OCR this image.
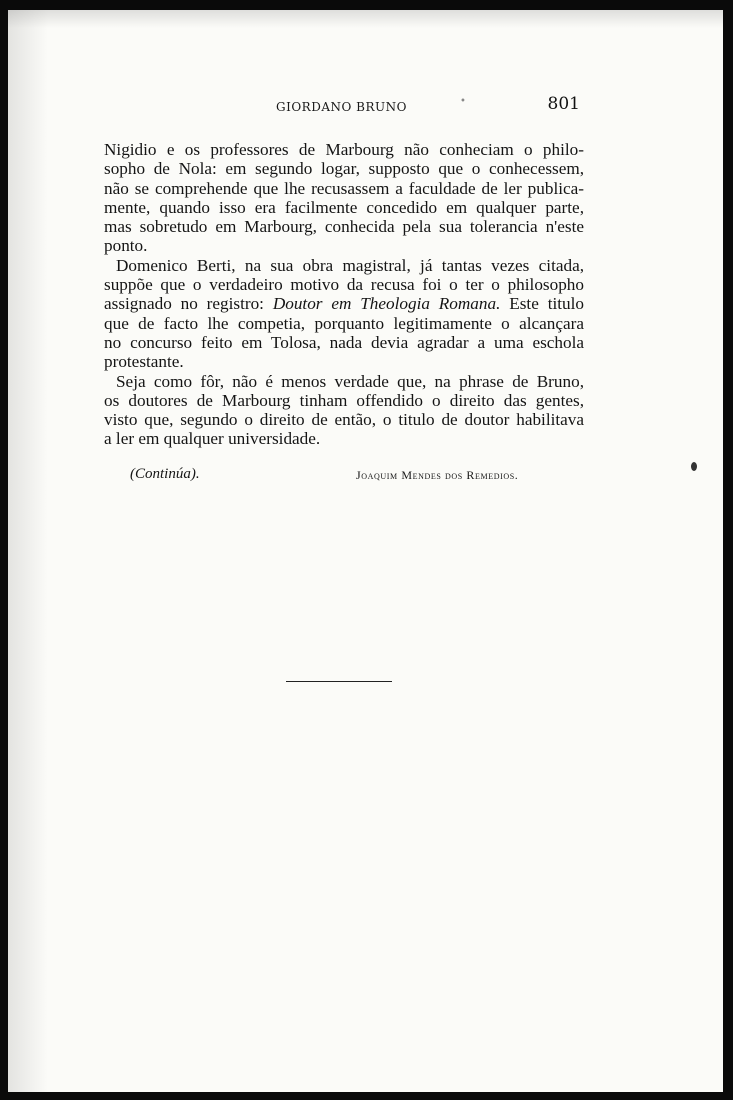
GIORDANO BRUNO	•	801

Nigidio e os professores de Marbourg não conheciam o philo-
sopho de Nola: em segundo logar, supposto que o conhecessem,
não se comprehende que lhe recusassem a faculdade de ler publica-
mente, quando isso era facilmente concedido em qualquer parte,
mas sobretudo em Marbourg, conhecida pela sua tolerancia n'este
ponto.

Domenico Berti, na sua obra magistral, já tantas vezes citada,
suppõe que o verdadeiro motivo da recusa foi o ter o philosopho
assignado no registro: Doutor em Theologia Romana. Este titulo
que de facto lhe competia, porquanto legitimamente o alcançara
no concurso feito em Tolosa, nada devia agradar a uma eschola
protestante.

Seja como fôr, não é menos verdade que, na phrase de Bruno,
os doutores de Marbourg tinham offendido o direito das gentes,
visto que, segundo o direito de então, o titulo de doutor habilitava
a ler em qualquer universidade.

(Continúa).	Joaquim Mendes dos Remedios.
